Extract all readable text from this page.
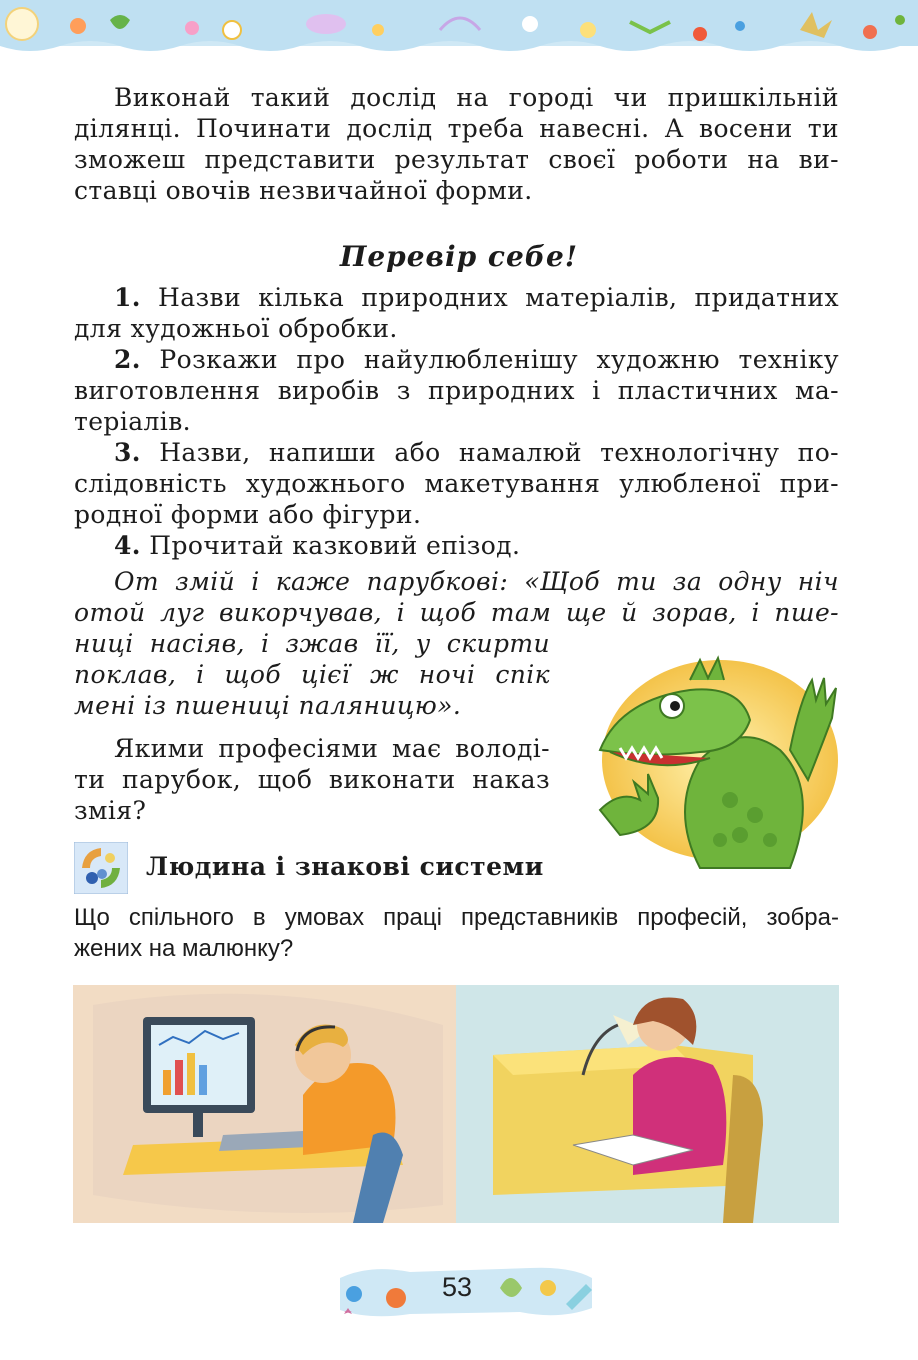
Виконай такий дослід на городі чи пришкільній
ділянці. Починати дослід треба навесні. А восени ти
зможеш представити результат своєї роботи на ви-
ставці овочів незвичайної форми.
Перевір себе!
1. Назви кілька природних матеріалів, придатних
для художньої обробки.
2. Розкажи про найулюбленішу художню техніку
виготовлення виробів з природних і пластичних ма-
теріалів.
3. Назви, напиши або намалюй технологічну по-
слідовність художнього макетування улюбленої при-
родної форми або фігури.
4. Прочитай казковий епізод.
От змій і каже парубкові: «Щоб ти за одну ніч
отой луг викорчував, і щоб там ще й зорав, і пше-
ниці насіяв, і зжав її, у скирти
поклав, і щоб цієї ж ночі спік
мені із пшениці паляницю».
Якими професіями має володі-
ти парубок, щоб виконати наказ
змія?
Людина і знакові системи
Що спільного в умовах праці представників професій, зобра-
жених на малюнку?
53
